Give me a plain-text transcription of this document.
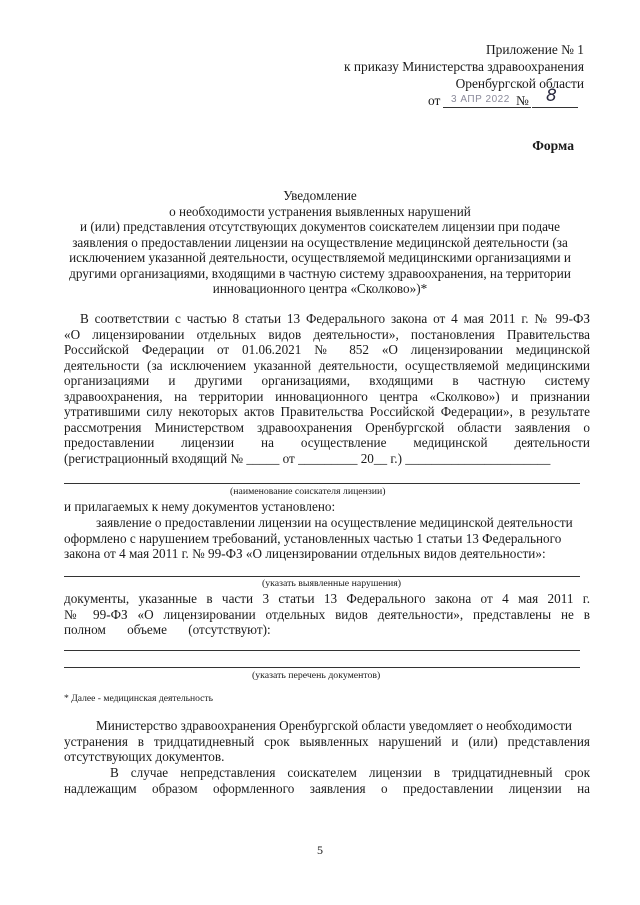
Приложение № 1
к приказу Министерства здравоохранения
Оренбургской области
от 3 АПР 2022 № 8
Форма
Уведомление
о необходимости устранения выявленных нарушений
и (или) представления отсутствующих документов соискателем лицензии при подаче
заявления о предоставлении лицензии на осуществление медицинской деятельности (за
исключением указанной деятельности, осуществляемой медицинскими организациями и
другими организациями, входящими в частную систему здравоохранения, на территории
инновационного центра «Сколково»)*
В соответствии с частью 8 статьи 13 Федерального закона от 4 мая 2011 г. № 99-ФЗ
«О лицензировании отдельных видов деятельности», постановления Правительства
Российской Федерации от 01.06.2021 № 852 «О лицензировании медицинской
деятельности (за исключением указанной деятельности, осуществляемой медицинскими
организациями и другими организациями, входящими в частную систему
здравоохранения, на территории инновационного центра «Сколково») и признании
утратившими силу некоторых актов Правительства Российской Федерации», в результате
рассмотрения Министерством здравоохранения Оренбургской области заявления о
предоставлении лицензии на осуществление медицинской деятельности
(регистрационный входящий № _____ от _________ 20__ г.) ______________________
(наименование соискателя лицензии)
и прилагаемых к нему документов установлено:
заявление о предоставлении лицензии на осуществление медицинской деятельности
оформлено с нарушением требований, установленных частью 1 статьи 13 Федерального
закона от 4 мая 2011 г. № 99-ФЗ «О лицензировании отдельных видов деятельности»:
(указать выявленные нарушения)
документы, указанные в части 3 статьи 13 Федерального закона от 4 мая 2011 г.
№ 99-ФЗ «О лицензировании отдельных видов деятельности», представлены не в
полном объеме (отсутствуют):
(указать перечень документов)
* Далее - медицинская деятельность
Министерство здравоохранения Оренбургской области уведомляет о необходимости
устранения в тридцатидневный срок выявленных нарушений и (или) представления
отсутствующих документов.
В случае непредставления соискателем лицензии в тридцатидневный срок
надлежащим образом оформленного заявления о предоставлении лицензии на
5
